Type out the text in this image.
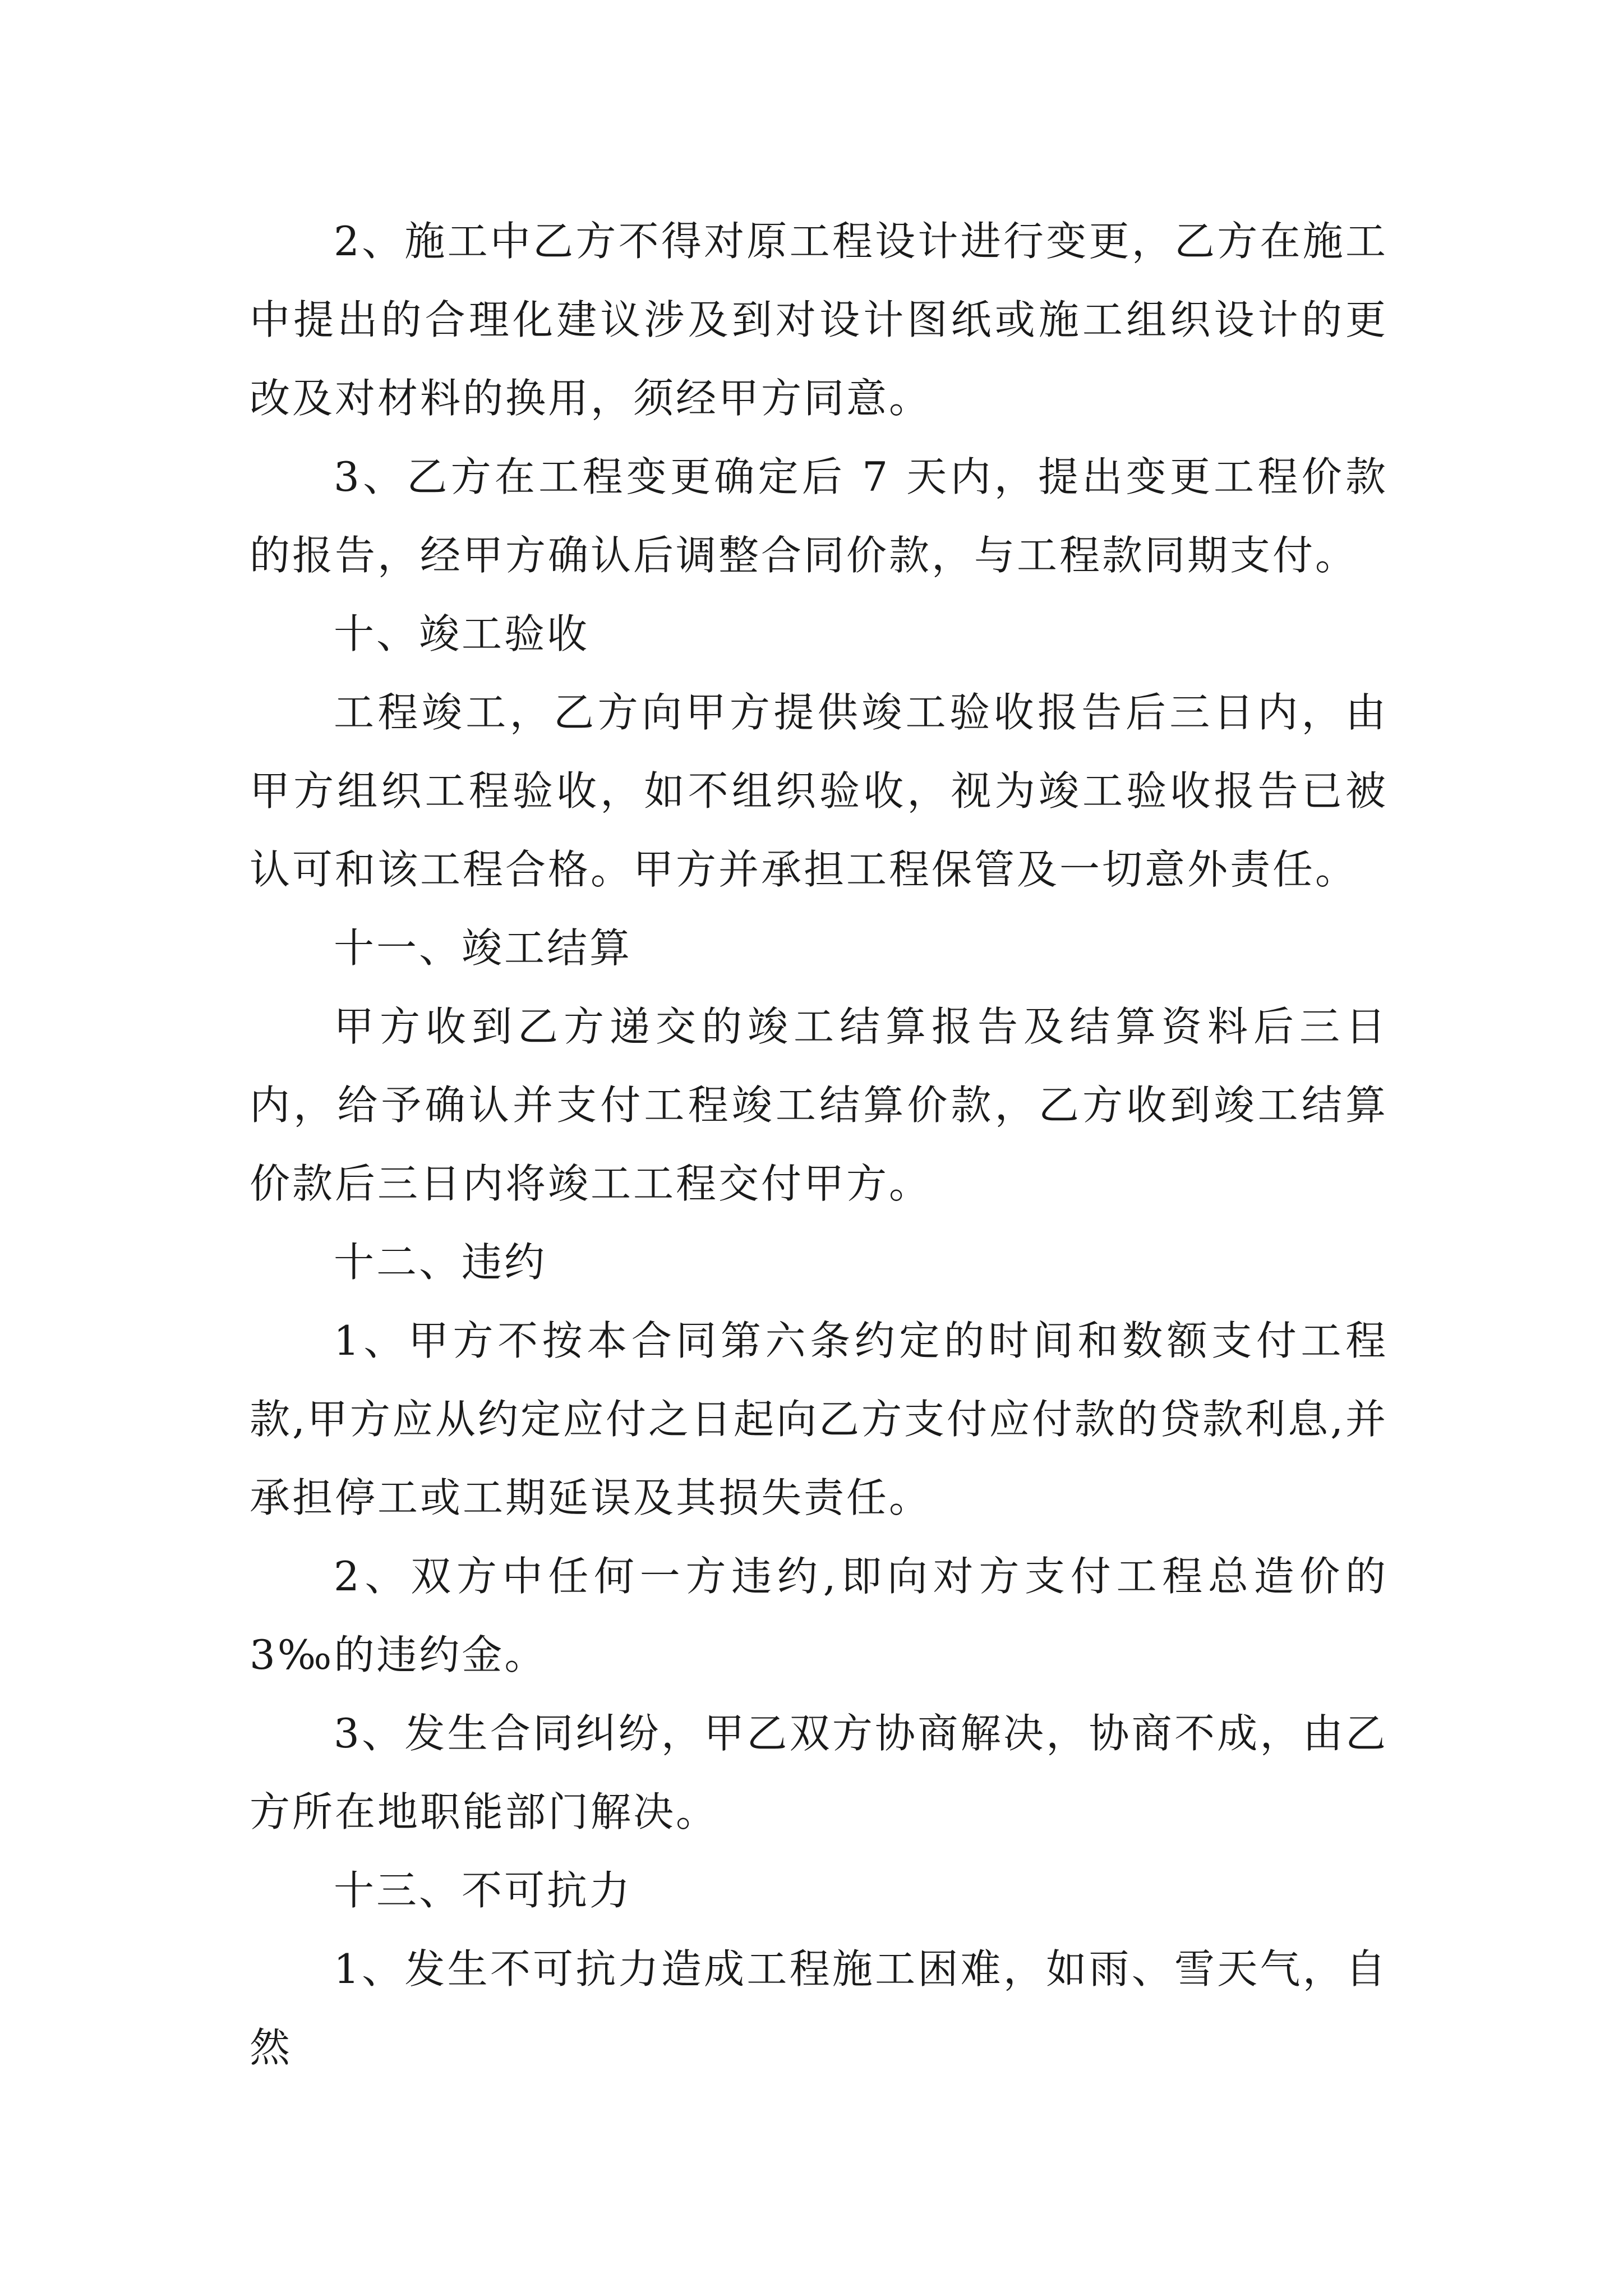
2、施工中乙方不得对原工程设计进行变更，乙方在施工中提出的合理化建议涉及到对设计图纸或施工组织设计的更改及对材料的换用，须经甲方同意。

3、乙方在工程变更确定后 7 天内，提出变更工程价款的报告，经甲方确认后调整合同价款，与工程款同期支付。

十、竣工验收

工程竣工，乙方向甲方提供竣工验收报告后三日内，由甲方组织工程验收，如不组织验收，视为竣工验收报告已被认可和该工程合格。甲方并承担工程保管及一切意外责任。

十一、竣工结算

甲方收到乙方递交的竣工结算报告及结算资料后三日内，给予确认并支付工程竣工结算价款，乙方收到竣工结算价款后三日内将竣工工程交付甲方。

十二、违约

1、甲方不按本合同第六条约定的时间和数额支付工程款,甲方应从约定应付之日起向乙方支付应付款的贷款利息,并承担停工或工期延误及其损失责任。

2、双方中任何一方违约,即向对方支付工程总造价的3‰的违约金。

3、发生合同纠纷，甲乙双方协商解决，协商不成，由乙方所在地职能部门解决。

十三、不可抗力

1、发生不可抗力造成工程施工困难，如雨、雪天气，自然
